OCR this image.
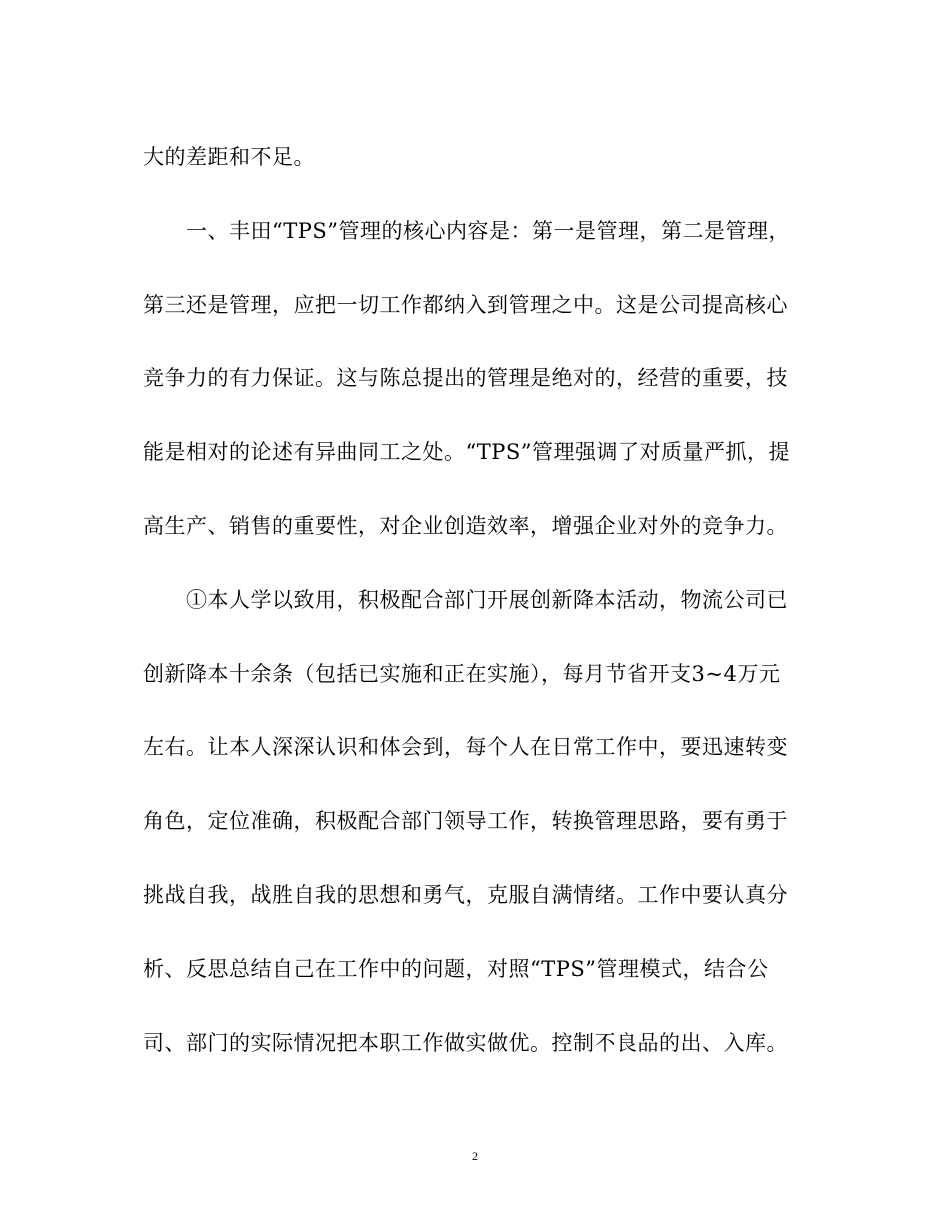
大的差距和不足。
　　一、丰田“TPS”管理的核心内容是：第一是管理，第二是管理，
第三还是管理，应把一切工作都纳入到管理之中。这是公司提高核心
竞争力的有力保证。这与陈总提出的管理是绝对的，经营的重要，技
能是相对的论述有异曲同工之处。“TPS”管理强调了对质量严抓，提
高生产、销售的重要性，对企业创造效率，增强企业对外的竞争力。
　　①本人学以致用，积极配合部门开展创新降本活动，物流公司已
创新降本十余条（包括已实施和正在实施），每月节省开支3~4万元
左右。让本人深深认识和体会到，每个人在日常工作中，要迅速转变
角色，定位准确，积极配合部门领导工作，转换管理思路，要有勇于
挑战自我，战胜自我的思想和勇气，克服自满情绪。工作中要认真分
析、反思总结自己在工作中的问题，对照“TPS”管理模式，结合公
司、部门的实际情况把本职工作做实做优。控制不良品的出、入库。
2
